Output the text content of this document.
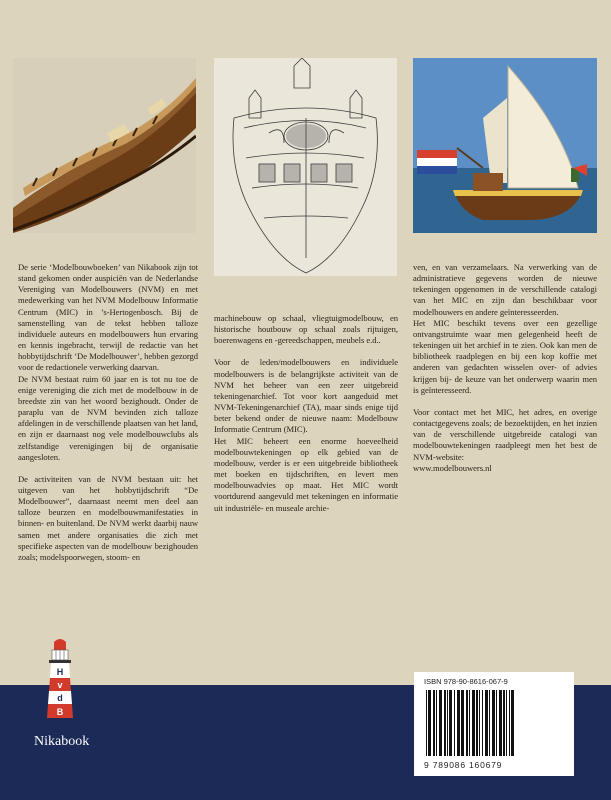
De serie ‘Modelbouwboeken’ van Nikabook zijn tot stand gekomen onder auspiciën van de Nederlandse Vereniging van Modelbouwers (NVM) en met medewerking van het NVM Modelbouw Informatie Centrum (MIC) in ’s-Hertogenbosch. Bij de samenstelling van de tekst hebben talloze individuele auteurs en modelbouwers hun ervaring en kennis ingebracht, terwijl de redactie van het hobbytijdschrift ‘De Modelbouwer’, hebben gezorgd voor de redactionele verwerking daarvan.

De NVM bestaat ruim 60 jaar en is tot nu toe de enige vereniging die zich met de modelbouw in de breedste zin van het woord bezighoudt. Onder de paraplu van de NVM bevinden zich talloze afdelingen in de verschillende plaatsen van het land, en zijn er daarnaast nog vele modelbouwclubs als zelfstandige verenigingen bij de organisatie aangesloten.

De activiteiten van de NVM bestaan uit: het uitgeven van het hobbytijdschrift “De Modelbouwer”, daarnaast neemt men deel aan talloze beurzen en modelbouwmanifestaties in binnen- en buitenland. De NVM werkt daarbij nauw samen met andere organisaties die zich met specifieke aspecten van de modelbouw bezighouden zoals; modelspoorwegen, stoom- en

machinebouw op schaal, vliegtuigmodelbouw, en historische houtbouw op schaal zoals rijtuigen, boerenwagens en -gereedschappen, meubels e.d..

Voor de leden/modelbouwers en individuele modelbouwers is de belangrijkste activiteit van de NVM het beheer van een zeer uitgebreid tekeningenarchief. Tot voor kort aangeduid met NVM-Tekeningenarchief (TA), maar sinds enige tijd beter bekend onder de nieuwe naam: Modelbouw Informatie Centrum (MIC).

Het MIC beheert een enorme hoeveelheid modelbouwtekeningen op elk gebied van de modelbouw, verder is er een uitgebreide bibliotheek met boeken en tijdschriften, en levert men modelbouwadvies op maat. Het MIC wordt voortdurend aangevuld met tekeningen en informatie uit industriële- en museale archie-

ven, en van verzamelaars. Na verwerking van de administratieve gegevens worden de nieuwe tekeningen opgenomen in de verschillende catalogi van het MIC en zijn dan beschikbaar voor modelbouwers en andere geïnteresseerden.

Het MIC beschikt tevens over een gezellige ontvangstruimte waar men gelegenheid heeft de tekeningen uit het archief in te zien. Ook kan men de bibliotheek raadplegen en bij een kop koffie met anderen van gedachten wisselen over- of advies krijgen bij- de keuze van het onderwerp waarin men is geïnteresseerd.

Voor contact met het MIC, het adres, en overige contactgegevens zoals; de bezoektijden, en het inzien van de verschillende uitgebreide catalogi van modelbouwtekeningen raadpleegt men het best de NVM-website:

www.modelbouwers.nl

H
v
d
B
Nikabook
ISBN 978-90-8616-067-9
9 789086 160679
